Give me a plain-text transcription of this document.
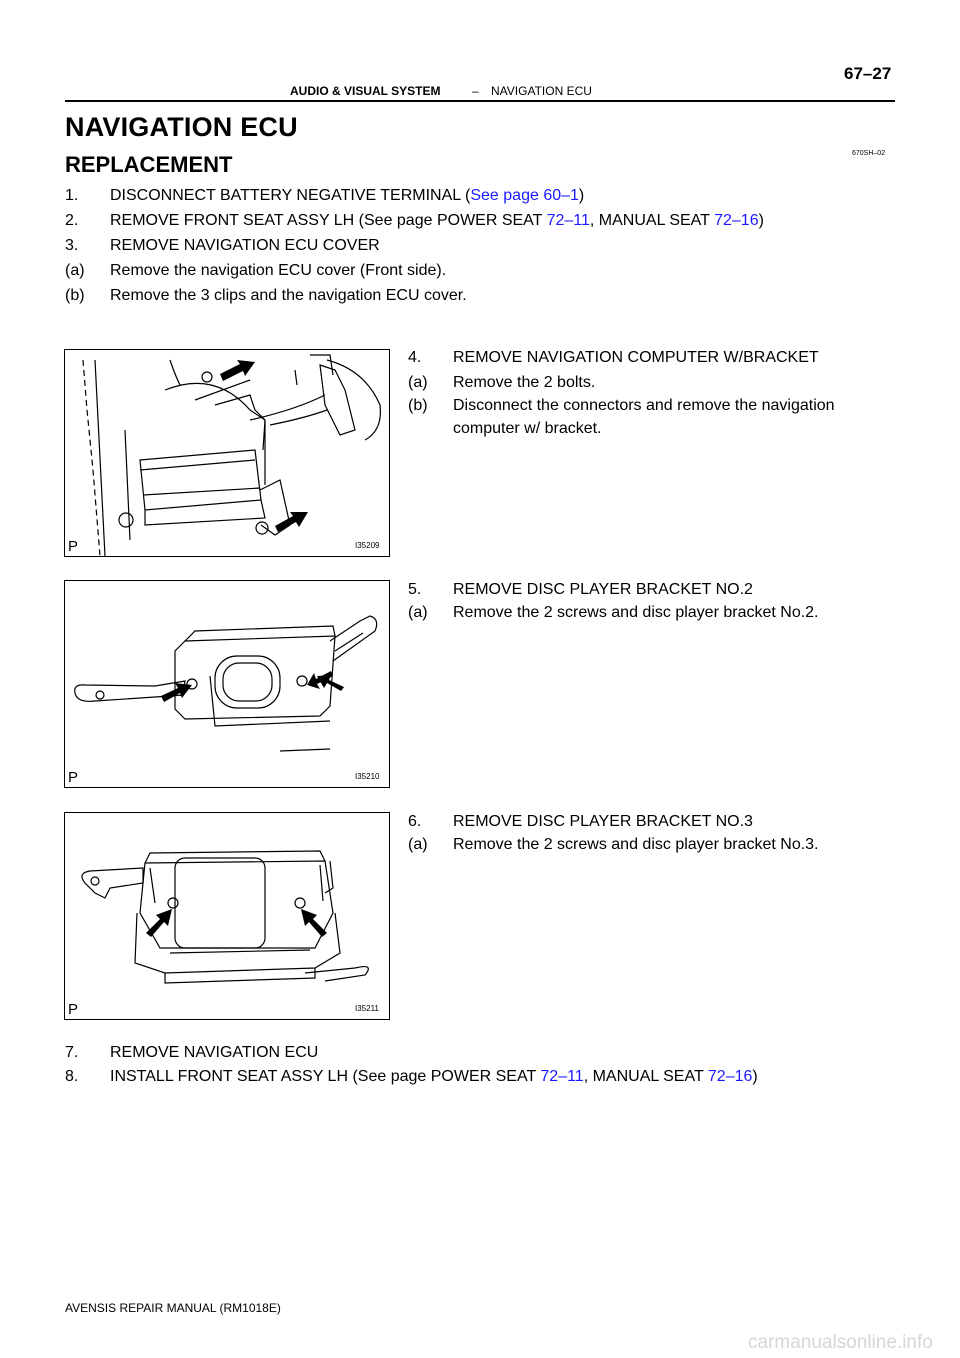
AUDIO & VISUAL SYSTEM	– NAVIGATION ECU
67–27
NAVIGATION ECU
REPLACEMENT	670SH–02
1. DISCONNECT BATTERY NEGATIVE TERMINAL (See page 60–1)
2. REMOVE FRONT SEAT ASSY LH (See page POWER SEAT 72–11, MANUAL SEAT 72–16)
3. REMOVE NAVIGATION ECU COVER
(a) Remove the navigation ECU cover (Front side).
(b) Remove the 3 clips and the navigation ECU cover.
P	I35209
4. REMOVE NAVIGATION COMPUTER W/BRACKET
(a) Remove the 2 bolts.
(b) Disconnect the connectors and remove the navigation
computer w/ bracket.
P	I35210
5. REMOVE DISC PLAYER BRACKET NO.2
(a) Remove the 2 screws and disc player bracket No.2.
P	I35211
6. REMOVE DISC PLAYER BRACKET NO.3
(a) Remove the 2 screws and disc player bracket No.3.
7. REMOVE NAVIGATION ECU
8. INSTALL FRONT SEAT ASSY LH (See page POWER SEAT 72–11, MANUAL SEAT 72–16)
AVENSIS REPAIR MANUAL (RM1018E)
carmanualsonline.info
